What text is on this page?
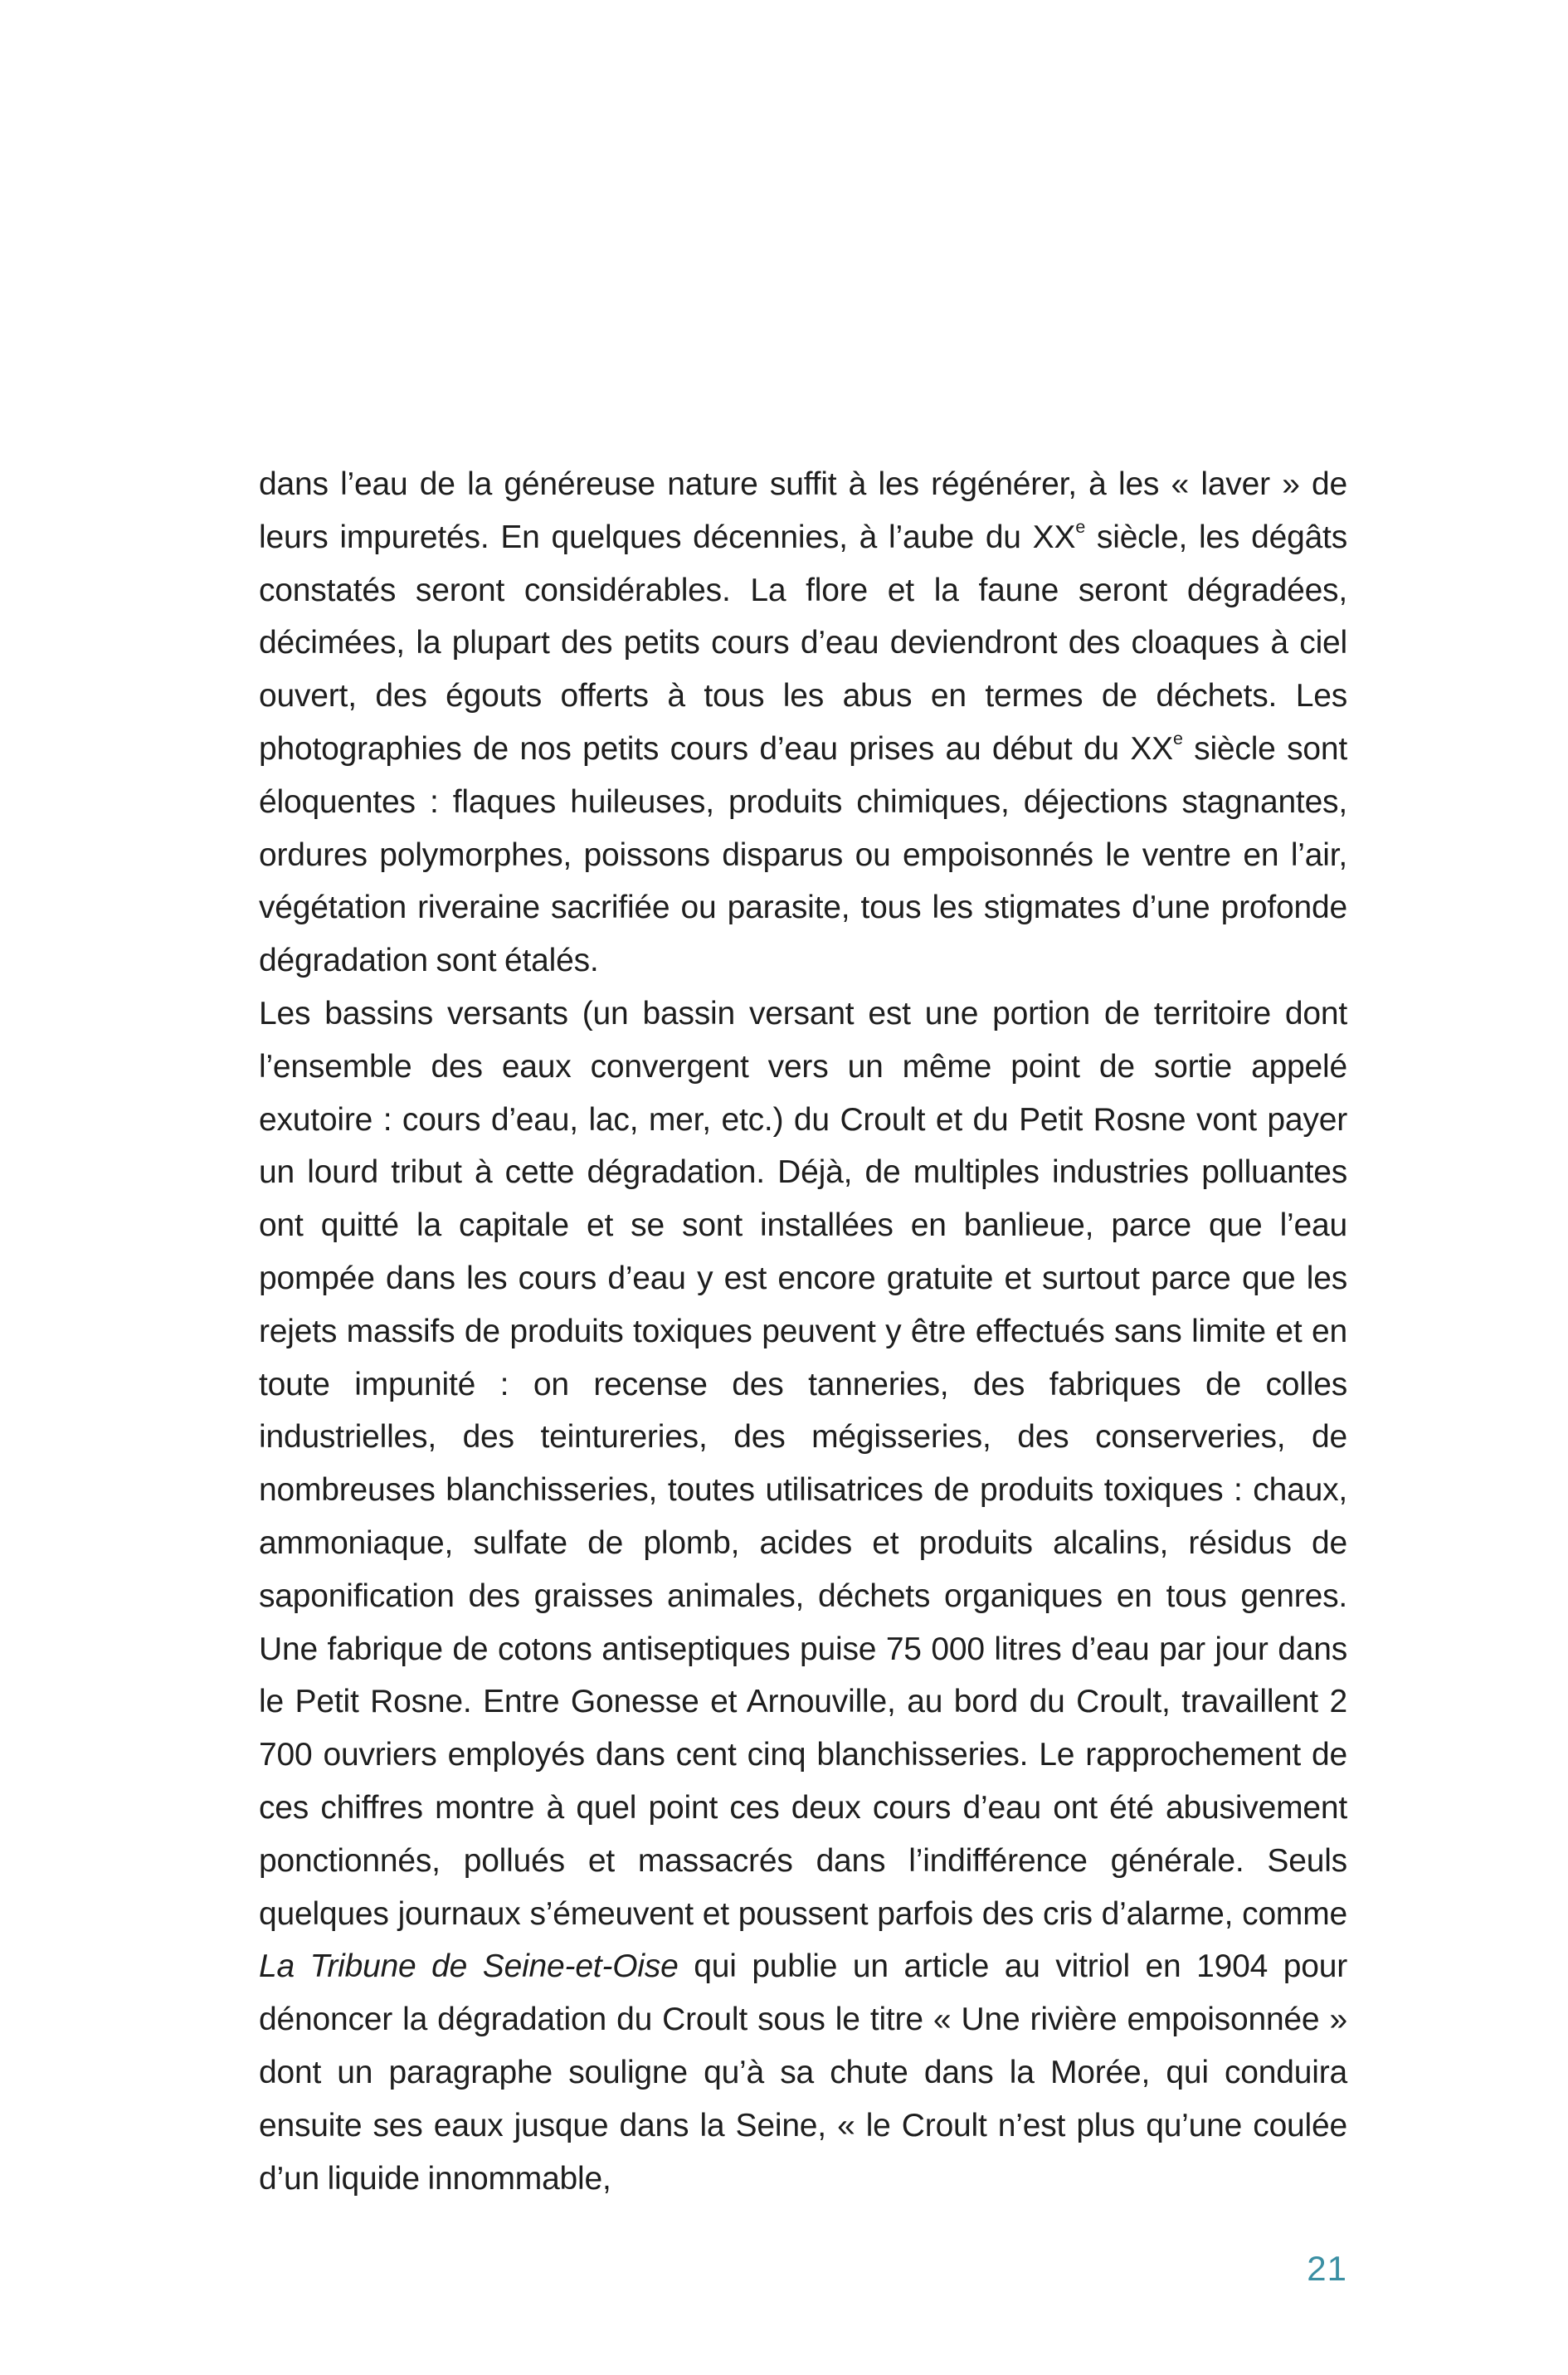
dans l’eau de la généreuse nature suffit à les régénérer, à les « laver » de leurs impuretés. En quelques décennies, à l’aube du XXe siècle, les dégâts constatés seront considérables. La flore et la faune seront dégradées, décimées, la plupart des petits cours d’eau deviendront des cloaques à ciel ouvert, des égouts offerts à tous les abus en termes de déchets. Les photographies de nos petits cours d’eau prises au début du XXe siècle sont éloquentes : flaques huileuses, produits chimiques, déjections stagnantes, ordures polymorphes, poissons disparus ou empoisonnés le ventre en l’air, végétation riveraine sacrifiée ou parasite, tous les stigmates d’une profonde dégradation sont étalés.

Les bassins versants (un bassin versant est une portion de territoire dont l’ensemble des eaux convergent vers un même point de sortie appelé exutoire : cours d’eau, lac, mer, etc.) du Croult et du Petit Rosne vont payer un lourd tribut à cette dégradation. Déjà, de multiples industries polluantes ont quitté la capitale et se sont installées en banlieue, parce que l’eau pompée dans les cours d’eau y est encore gratuite et surtout parce que les rejets massifs de produits toxiques peuvent y être effectués sans limite et en toute impunité : on recense des tanneries, des fabriques de colles industrielles, des teintureries, des mégisseries, des conserveries, de nombreuses blanchisseries, toutes utilisatrices de produits toxiques : chaux, ammoniaque, sulfate de plomb, acides et produits alcalins, résidus de saponification des graisses animales, déchets organiques en tous genres. Une fabrique de cotons antiseptiques puise 75 000 litres d’eau par jour dans le Petit Rosne. Entre Gonesse et Arnouville, au bord du Croult, travaillent 2 700 ouvriers employés dans cent cinq blanchisseries. Le rapprochement de ces chiffres montre à quel point ces deux cours d’eau ont été abusivement ponctionnés, pollués et massacrés dans l’indifférence générale. Seuls quelques journaux s’émeuvent et poussent parfois des cris d’alarme, comme La Tribune de Seine-et-Oise qui publie un article au vitriol en 1904 pour dénoncer la dégradation du Croult sous le titre « Une rivière empoisonnée » dont un paragraphe souligne qu’à sa chute dans la Morée, qui conduira ensuite ses eaux jusque dans la Seine, « le Croult n’est plus qu’une coulée d’un liquide innommable,

21
